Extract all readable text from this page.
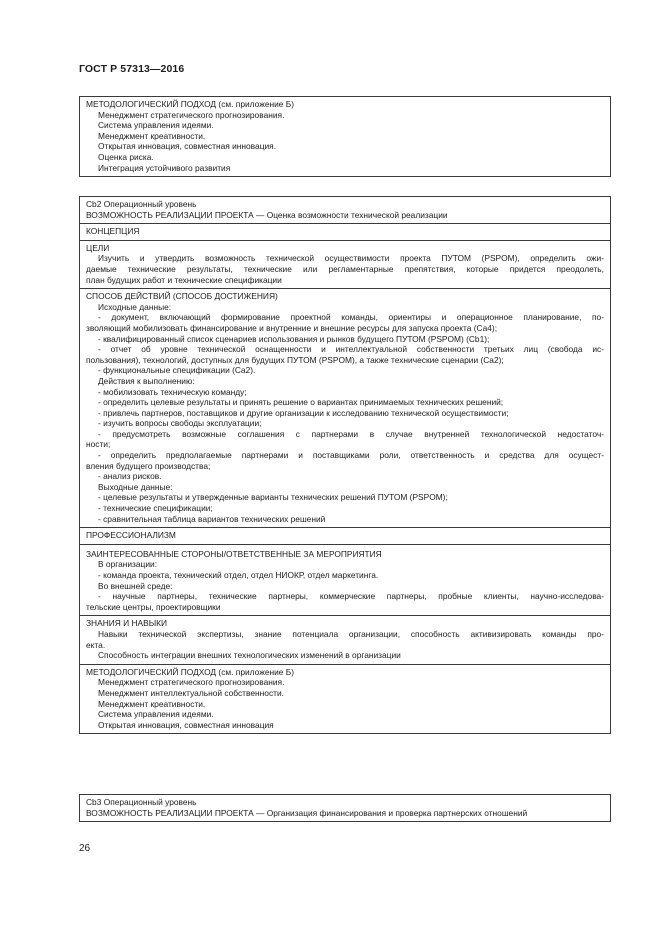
ГОСТ Р 57313—2016
МЕТОДОЛОГИЧЕСКИЙ ПОДХОД (см. приложение Б)
Менеджмент стратегического прогнозирования.
Система управления идеями.
Менеджмент креативности.
Открытая инновация, совместная инновация.
Оценка риска.
Интеграция устойчивого развития
Cb2 Операционный уровень
ВОЗМОЖНОСТЬ РЕАЛИЗАЦИИ ПРОЕКТА — Оценка возможности технической реализации
КОНЦЕПЦИЯ
ЦЕЛИ
Изучить и утвердить возможность технической осуществимости проекта ПУТОМ (PSPOM), определить ожи-
даемые технические результаты, технические или регламентарные препятствия, которые придется преодолеть,
план будущих работ и технические спецификации
СПОСОБ ДЕЙСТВИЙ (СПОСОБ ДОСТИЖЕНИЯ)
Исходные данные:
- документ, включающий формирование проектной команды, ориентиры и операционное планирование, по-
зволяющий мобилизовать финансирование и внутренние и внешние ресурсы для запуска проекта (Ca4);
- квалифицированный список сценариев использования и рынков будущего ПУТОМ (PSPOM) (Cb1);
- отчет об уровне технической оснащенности и интеллектуальной собственности третьих лиц (свобода ис-
пользования), технологий, доступных для будущих ПУТОМ (PSPOM), а также технические сценарии (Ca2);
- функциональные спецификации (Ca2).
Действия к выполнению:
- мобилизовать техническую команду;
- определить целевые результаты и принять решение о вариантах принимаемых технических решений;
- привлечь партнеров, поставщиков и другие организации к исследованию технической осуществимости;
- изучить вопросы свободы эксплуатации;
- предусмотреть возможные соглашения с партнерами в случае внутренней технологической недостаточ-
ности;
- определить предполагаемые партнерами и поставщиками роли, ответственность и средства для осущест-
вления будущего производства;
- анализ рисков.
Выходные данные:
- целевые результаты и утвержденные варианты технических решений ПУТОМ (PSPOM);
- технические спецификации;
- сравнительная таблица вариантов технических решений
ПРОФЕССИОНАЛИЗМ
ЗАИНТЕРЕСОВАННЫЕ СТОРОНЫ/ОТВЕТСТВЕННЫЕ ЗА МЕРОПРИЯТИЯ
В организации:
- команда проекта, технический отдел, отдел НИОКР, отдел маркетинга.
Во внешней среде:
- научные партнеры, технические партнеры, коммерческие партнеры, пробные клиенты, научно-исследова-
тельские центры, проектировщики
ЗНАНИЯ И НАВЫКИ
Навыки технической экспертизы, знание потенциала организации, способность активизировать команды про-
екта.
Способность интеграции внешних технологических изменений в организации
МЕТОДОЛОГИЧЕСКИЙ ПОДХОД (см. приложение Б)
Менеджмент стратегического прогнозирования.
Менеджмент интеллектуальной собственности.
Менеджмент креативности.
Система управления идеями.
Открытая инновация, совместная инновация
Cb3 Операционный уровень
ВОЗМОЖНОСТЬ РЕАЛИЗАЦИИ ПРОЕКТА — Организация финансирования и проверка партнерских отношений
26
